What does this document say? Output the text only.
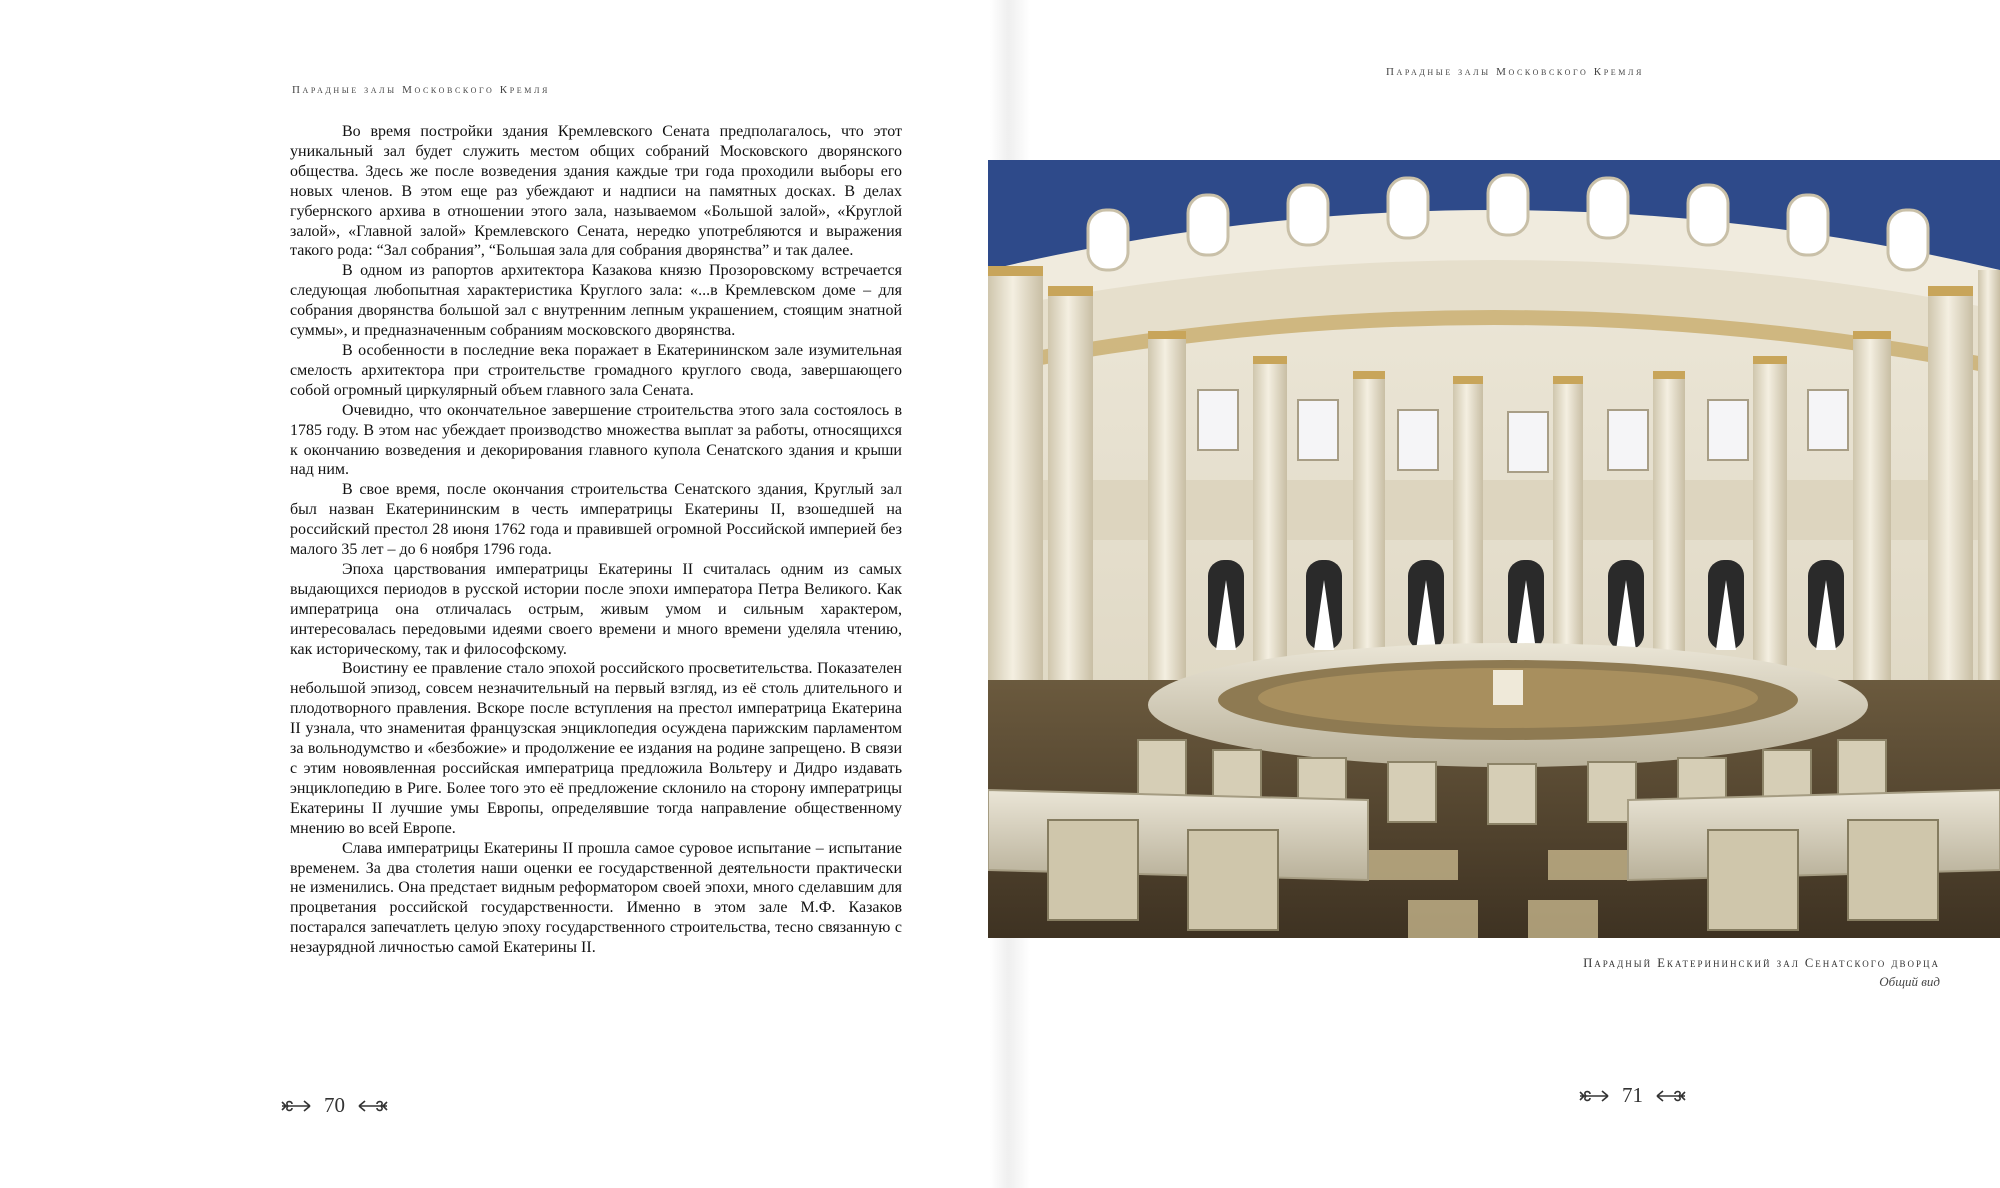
Парадные залы Московского Кремля

Во время постройки здания Кремлевского Сената предполагалось, что этот уникальный зал будет служить местом общих собраний Московского дворянского общества. Здесь же после возведения здания каждые три года проходили выборы его новых членов. В этом еще раз убеждают и надписи на памятных досках. В делах губернского архива в отношении этого зала, называемом «Большой залой», «Круглой залой», «Главной залой» Кремлевского Сената, нередко употребляются и выражения такого рода: “Зал собрания”, “Большая зала для собрания дворянства” и так далее.

В одном из рапортов архитектора Казакова князю Прозоровскому встречается следующая любопытная характеристика Круглого зала: «...в Кремлевском доме – для собрания дворянства большой зал с внутренним лепным украшением, стоящим знатной суммы», и предназначенным собраниям московского дворянства.

В особенности в последние века поражает в Екатерининском зале изумительная смелость архитектора при строительстве громадного круглого свода, завершающего собой огромный циркулярный объем главного зала Сената.

Очевидно, что окончательное завершение строительства этого зала состоялось в 1785 году. В этом нас убеждает производство множества выплат за работы, относящихся к окончанию возведения и декорирования главного купола Сенатского здания и крыши над ним.

В свое время, после окончания строительства Сенатского здания, Круглый зал был назван Екатерининским в честь императрицы Екатерины II, взошедшей на российский престол 28 июня 1762 года и правившей огромной Российской империей без малого 35 лет – до 6 ноября 1796 года.

Эпоха царствования императрицы Екатерины II считалась одним из самых выдающихся периодов в русской истории после эпохи императора Петра Великого. Как императрица она отличалась острым, живым умом и сильным характером, интересовалась передовыми идеями своего времени и много времени уделяла чтению, как историческому, так и философскому.

Воистину ее правление стало эпохой российского просветительства. Показателен небольшой эпизод, совсем незначительный на первый взгляд, из её столь длительного и плодотворного правления. Вскоре после вступления на престол императрица Екатерина II узнала, что знаменитая французская энциклопедия осуждена парижским парламентом за вольнодумство и «безбожие» и продолжение ее издания на родине запрещено. В связи с этим новоявленная российская императрица предложила Вольтеру и Дидро издавать энциклопедию в Риге. Более того это её предложение склонило на сторону императрицы Екатерины II лучшие умы Европы, определявшие тогда направление общественному мнению во всей Европе.

Слава императрицы Екатерины II прошла самое суровое испытание – испытание временем. За два столетия наши оценки ее государственной деятельности практически не изменились. Она предстает видным реформатором своей эпохи, много сделавшим для процветания российской государственности. Именно в этом зале М.Ф. Казаков постарался запечатлеть целую эпоху государственного строительства, тесно связанную с незаурядной личностью самой Екатерины II.

70
Парадные залы Московского Кремля
Парадный Екатерининский зал Сенатского дворца
Общий вид
71
